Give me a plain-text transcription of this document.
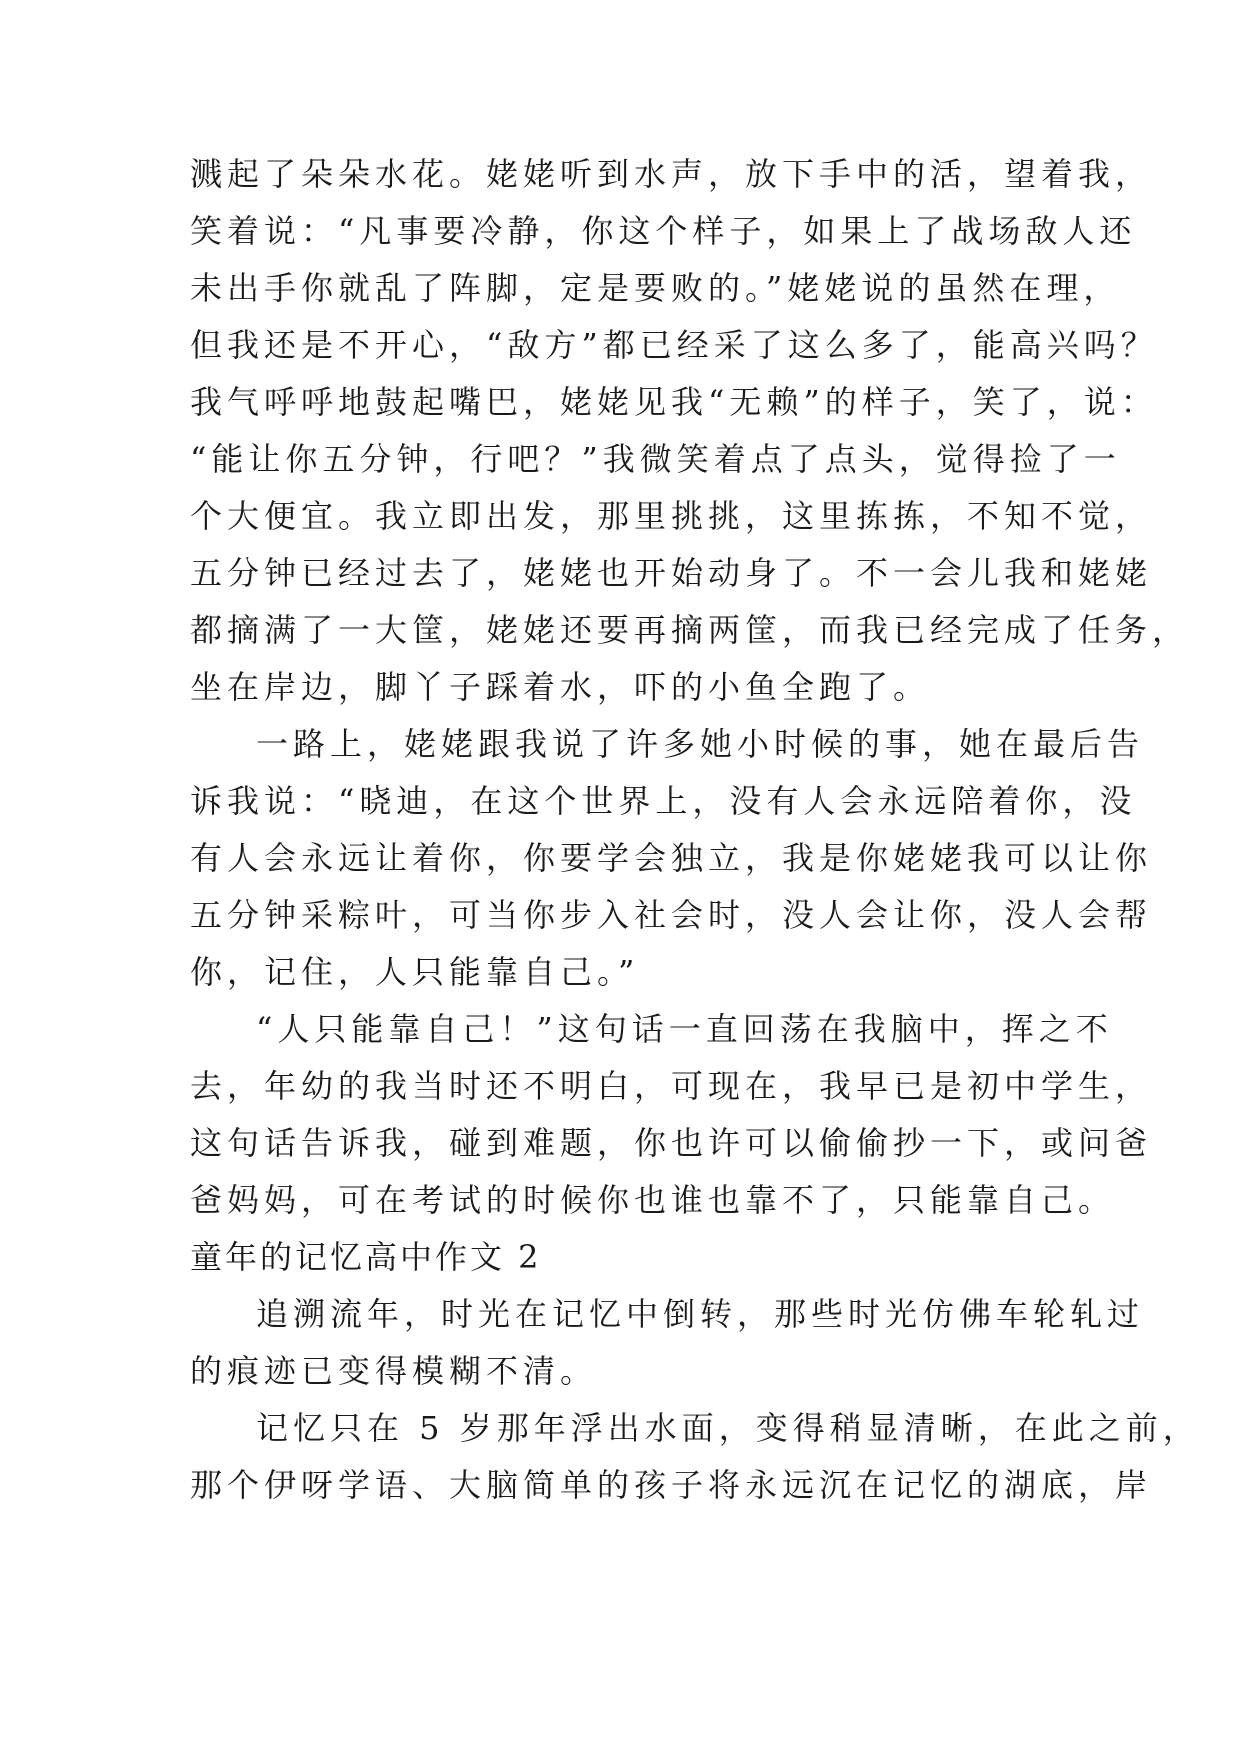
溅起了朵朵水花。姥姥听到水声，放下手中的活，望着我，
笑着说：“凡事要冷静，你这个样子，如果上了战场敌人还
未出手你就乱了阵脚，定是要败的。”姥姥说的虽然在理，
但我还是不开心，“敌方”都已经采了这么多了，能高兴吗？
我气呼呼地鼓起嘴巴，姥姥见我“无赖”的样子，笑了，说：
“能让你五分钟，行吧？”我微笑着点了点头，觉得捡了一
个大便宜。我立即出发，那里挑挑，这里拣拣，不知不觉，
五分钟已经过去了，姥姥也开始动身了。不一会儿我和姥姥
都摘满了一大筐，姥姥还要再摘两筐，而我已经完成了任务，
坐在岸边，脚丫子踩着水，吓的小鱼全跑了。
一路上，姥姥跟我说了许多她小时候的事，她在最后告
诉我说：“晓迪，在这个世界上，没有人会永远陪着你，没
有人会永远让着你，你要学会独立，我是你姥姥我可以让你
五分钟采粽叶，可当你步入社会时，没人会让你，没人会帮
你，记住，人只能靠自己。”
“人只能靠自己！”这句话一直回荡在我脑中，挥之不
去，年幼的我当时还不明白，可现在，我早已是初中学生，
这句话告诉我，碰到难题，你也许可以偷偷抄一下，或问爸
爸妈妈，可在考试的时候你也谁也靠不了，只能靠自己。
童年的记忆高中作文 2
追溯流年，时光在记忆中倒转，那些时光仿佛车轮轧过
的痕迹已变得模糊不清。
记忆只在 5 岁那年浮出水面，变得稍显清晰，在此之前，
那个伊呀学语、大脑简单的孩子将永远沉在记忆的湖底，岸
